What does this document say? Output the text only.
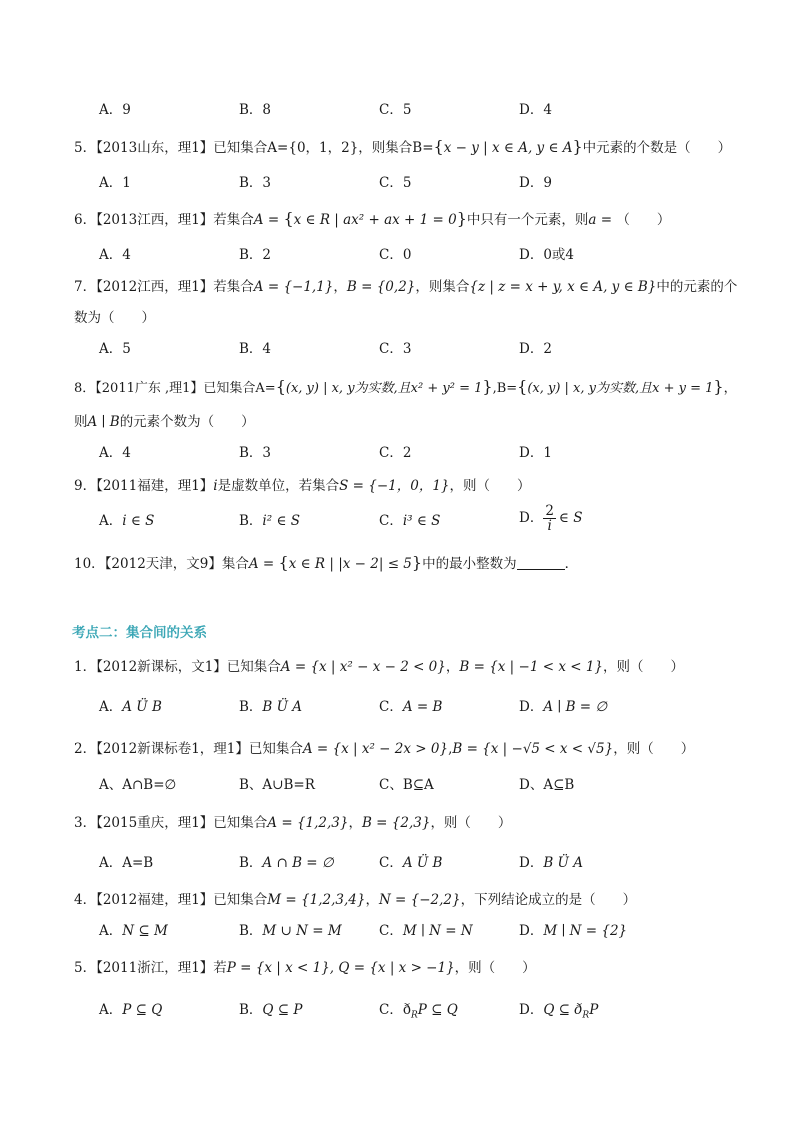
A．9	B．8	C．5	D．4
5．【2013山东，理1】已知集合A={0，1，2}，则集合B={x − y | x ∈ A, y ∈ A}中元素的个数是（　　）
A．1	B．3	C．5	D．9
6．【2013江西，理1】若集合A = {x ∈ R | ax² + ax + 1 = 0}中只有一个元素，则a = （　　）
A．4	B．2	C．0	D．0或4
7．【2012江西，理1】若集合A = {−1,1}，B = {0,2}，则集合{z | z = x + y, x ∈ A, y ∈ B}中的元素的个
数为（　　）
A．5	B．4	C．3	D．2
8．【2011广东 ,理1】已知集合A={(x, y) | x, y为实数,且x² + y² = 1},B={(x, y) | x, y为实数,且x + y = 1}，
则A ∣ B的元素个数为（　　）
A．4	B．3	C．2	D．1
9．【2011福建，理1】i是虚数单位，若集合S = {−1，0，1}，则（　　）
A．i ∈ S	B．i² ∈ S	C．i³ ∈ S	D． $\frac{2}{i}$ ∈ S
10．【2012天津，文9】集合A = {x ∈ R | |x − 2| ≤ 5}中的最小整数为	．
考点二：集合间的关系
1．【2012新课标，文1】已知集合A = {x | x² − x − 2 < 0}，B = {x | −1 < x < 1}，则（　　）
A．A Ü B	B．B Ü A	C．A = B	D．A ∣ B = ∅
2．【2012新课标卷1，理1】已知集合A = {x | x² − 2x > 0},B = {x | −√5 < x < √5}，则（　　）
A、A∩B=∅	B、A∪B=R	C、B⊆A	D、A⊆B
3．【2015重庆，理1】已知集合A = {1,2,3}，B = {2,3}，则（　　）
A．A=B	B．A ∩ B = ∅	C．A Ü B	D．B Ü A
4．【2012福建，理1】已知集合M = {1,2,3,4}，N = {−2,2}，下列结论成立的是（　　）
A．N ⊆ M	B．M ∪ N = M	C．M ∣ N = N	D．M ∣ N = {2}
5．【2011浙江，理1】若P = {x | x < 1}, Q = {x | x > −1}，则（　　）
A．P ⊆ Q	B．Q ⊆ P	C．$ð_RP$ ⊆ Q	D．Q ⊆ $ð_RP$
